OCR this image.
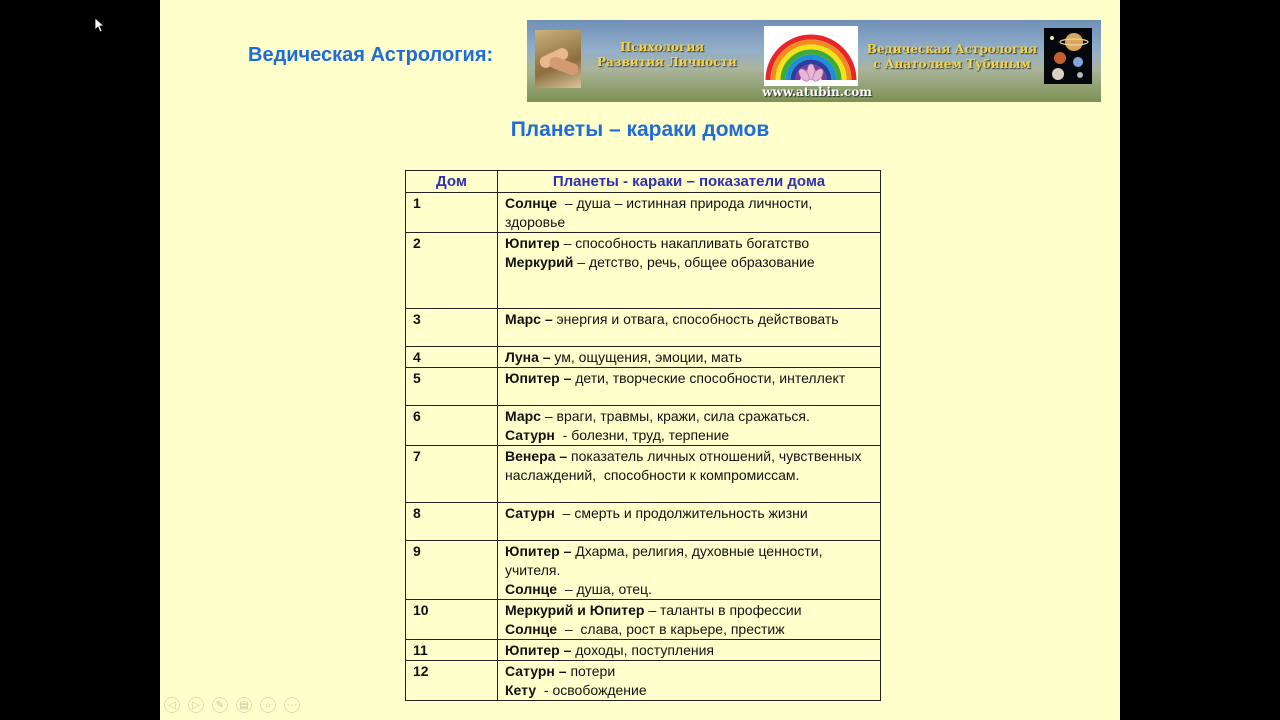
Ведическая Астрология:	Психология
Развития Личности
Ведическая Астрология
с Анатолием Тубиным
www.atubin.com
Планеты – караки домов
Дом	Планеты - караки – показатели дома
1	Солнце  – душа – истинная природа личности, здоровье

2	Юпитер – способность накапливать богатство
Меркурий – детство, речь, общее образование

3	Марс – энергия и отвага, способность действовать

4	Луна – ум, ощущения, эмоции, мать

5	Юпитер – дети, творческие способности, интеллект

6	Марс – враги, травмы, кражи, сила сражаться.
Сатурн  - болезни, труд, терпение

7	Венера – показатель личных отношений, чувственных наслаждений,  способности к компромиссам.

8	Сатурн  – смерть и продолжительность жизни

9	Юпитер – Дхарма, религия, духовные ценности, учителя.
Солнце  – душа, отец.

10	Меркурий и Юпитер – таланты в профессии
Солнце  –  слава, рост в карьере, престиж

11	Юпитер – доходы, поступления

12	Сатурн – потери
Кету  - освобождение
◁	▷	✎	▤	⌕	⋯
